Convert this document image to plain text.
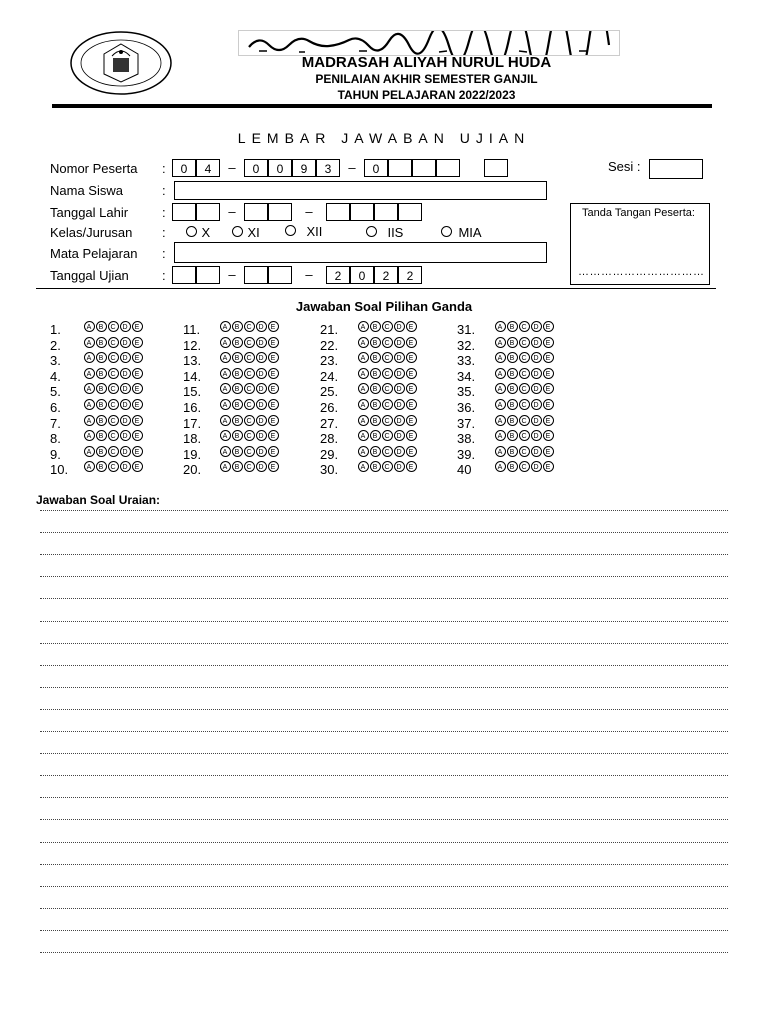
MADRASAH ALIYAH NURUL HUDA
PENILAIAN AKHIR SEMESTER GANJIL
TAHUN PELAJARAN 2022/2023
LEMBAR JAWABAN UJIAN
Nomor Peserta :	0	4	–	0	0	9	3	–	0	Sesi :
Nama Siswa	:
Tanggal Lahir	:	–	–
Kelas/Jurusan :	X	XI	XII	IIS	MIA
Mata Pelajaran :
Tanggal Ujian	:	–	–	2	0	2	2
Tanda Tangan Peserta:
……………………………
Jawaban Soal Pilihan Ganda
1.	A B C D E
2.	A B C D E
3.	A B C D E
4.	A B C D E
5.	A B C D E
6.	A B C D E
7.	A B C D E
8.	A B C D E
9.	A B C D E
10.	A B C D E
11.	A B C D E
12.	A B C D E
13.	A B C D E
14.	A B C D E
15.	A B C D E
16.	A B C D E
17.	A B C D E
18.	A B C D E
19.	A B C D E
20.	A B C D E
21.	A B C D E
22.	A B C D E
23.	A B C D E
24.	A B C D E
25.	A B C D E
26.	A B C D E
27.	A B C D E
28.	A B C D E
29.	A B C D E
30.	A B C D E
31.	A B C D E
32.	A B C D E
33.	A B C D E
34.	A B C D E
35.	A B C D E
36.	A B C D E
37.	A B C D E
38.	A B C D E
39.	A B C D E
40	A B C D E
Jawaban Soal Uraian:
